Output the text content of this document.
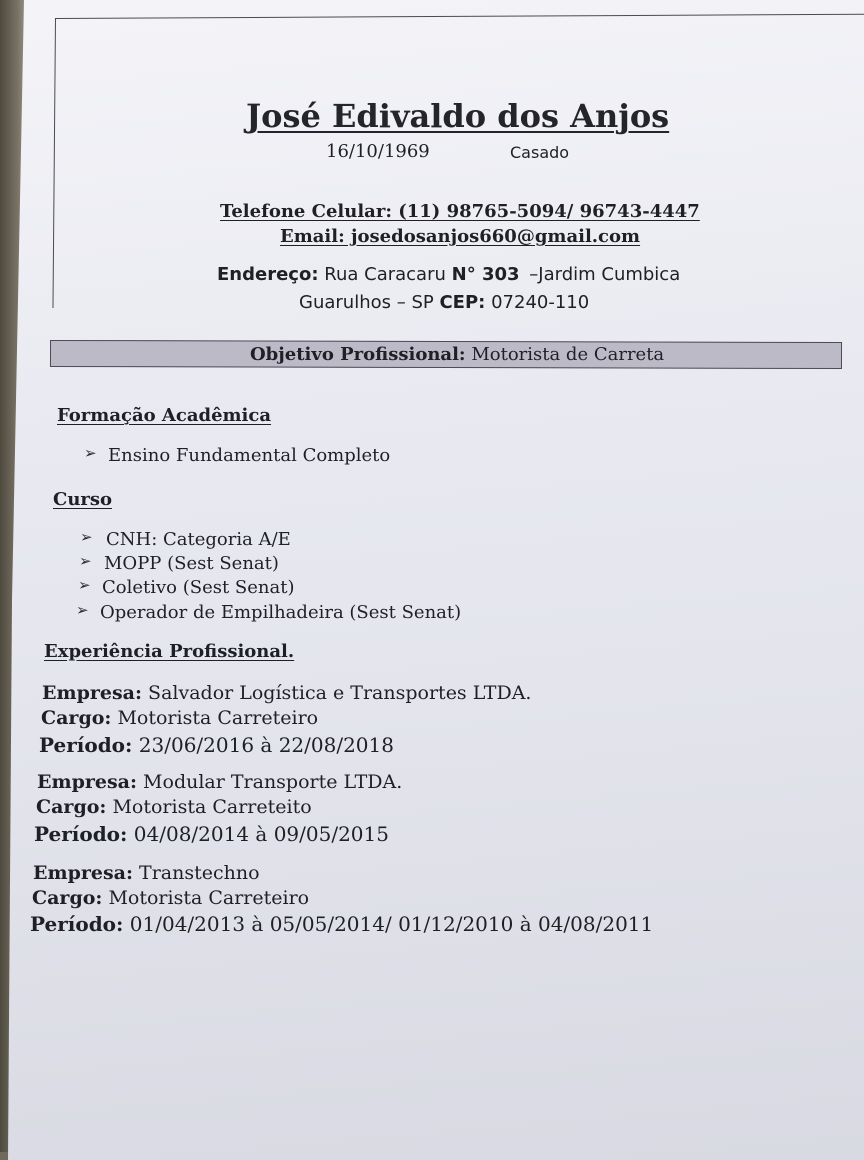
José Edivaldo dos Anjos
16/10/1969	Casado
Telefone Celular: (11) 98765-5094/ 96743-4447
Email: josedosanjos660@gmail.com
Endereço: Rua Caracaru N° 303 –Jardim Cumbica
Guarulhos – SP CEP: 07240-110
Objetivo Profissional: Motorista de Carreta
Formação Acadêmica
➢ Ensino Fundamental Completo
Curso
➢ CNH: Categoria A/E
➢ MOPP (Sest Senat)
➢ Coletivo (Sest Senat)
➢ Operador de Empilhadeira (Sest Senat)
Experiência Profissional.
Empresa: Salvador Logística e Transportes LTDA.
Cargo: Motorista Carreteiro
Período: 23/06/2016 à 22/08/2018
Empresa: Modular Transporte LTDA.
Cargo: Motorista Carreteito
Período: 04/08/2014 à 09/05/2015
Empresa: Transtechno
Cargo: Motorista Carreteiro
Período: 01/04/2013 à 05/05/2014/ 01/12/2010 à 04/08/2011
